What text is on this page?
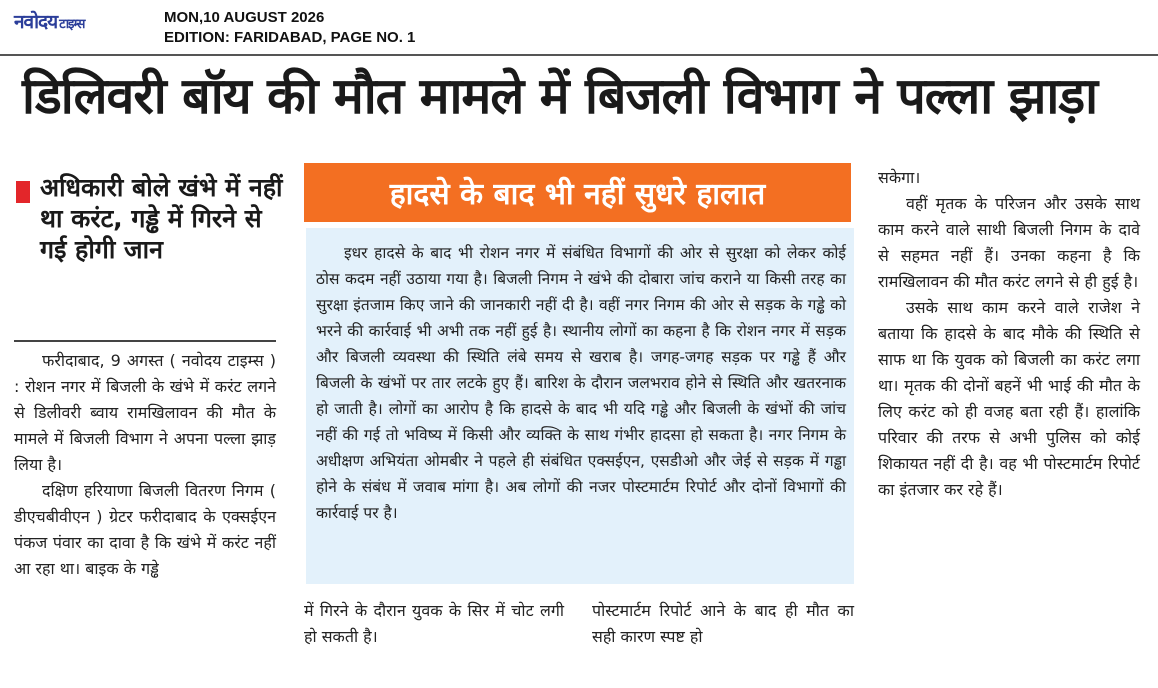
नवोदय टाइम्स	MON,10 AUGUST 2026
EDITION: FARIDABAD, PAGE NO. 1
डिलिवरी बॉय की मौत मामले में बिजली विभाग ने पल्ला झाड़ा
अधिकारी बोले खंभे में नहीं था करंट, गड्ढे में गिरने से गई होगी जान

फरीदाबाद, 9 अगस्त ( नवोदय टाइम्स ) : रोशन नगर में बिजली के खंभे में करंट लगने से डिलीवरी ब्वाय रामखिलावन की मौत के मामले में बिजली विभाग ने अपना पल्ला झाड़ लिया है।

दक्षिण हरियाणा बिजली वितरण निगम ( डीएचबीवीएन ) ग्रेटर फरीदाबाद के एक्सईएन पंकज पंवार का दावा है कि खंभे में करंट नहीं आ रहा था। बाइक के गड्ढे

हादसे के बाद भी नहीं सुधरे हालात

इधर हादसे के बाद भी रोशन नगर में संबंधित विभागों की ओर से सुरक्षा को लेकर कोई ठोस कदम नहीं उठाया गया है। बिजली निगम ने खंभे की दोबारा जांच कराने या किसी तरह का सुरक्षा इंतजाम किए जाने की जानकारी नहीं दी है। वहीं नगर निगम की ओर से सड़क के गड्ढे को भरने की कार्रवाई भी अभी तक नहीं हुई है। स्थानीय लोगों का कहना है कि रोशन नगर में सड़क और बिजली व्यवस्था की स्थिति लंबे समय से खराब है। जगह-जगह सड़क पर गड्ढे हैं और बिजली के खंभों पर तार लटके हुए हैं। बारिश के दौरान जलभराव होने से स्थिति और खतरनाक हो जाती है। लोगों का आरोप है कि हादसे के बाद भी यदि गड्ढे और बिजली के खंभों की जांच नहीं की गई तो भविष्य में किसी और व्यक्ति के साथ गंभीर हादसा हो सकता है। नगर निगम के अधीक्षण अभियंता ओमबीर ने पहले ही संबंधित एक्सईएन, एसडीओ और जेई से सड़क में गड्ढा होने के संबंध में जवाब मांगा है। अब लोगों की नजर पोस्टमार्टम रिपोर्ट और दोनों विभागों की कार्रवाई पर है।

में गिरने के दौरान युवक के सिर में चोट लगी हो सकती है।

पोस्टमार्टम रिपोर्ट आने के बाद ही मौत का सही कारण स्पष्ट हो

सकेगा।

वहीं मृतक के परिजन और उसके साथ काम करने वाले साथी बिजली निगम के दावे से सहमत नहीं हैं। उनका कहना है कि रामखिलावन की मौत करंट लगने से ही हुई है।

उसके साथ काम करने वाले राजेश ने बताया कि हादसे के बाद मौके की स्थिति से साफ था कि युवक को बिजली का करंट लगा था। मृतक की दोनों बहनें भी भाई की मौत के लिए करंट को ही वजह बता रही हैं। हालांकि परिवार की तरफ से अभी पुलिस को कोई शिकायत नहीं दी है। वह भी पोस्टमार्टम रिपोर्ट का इंतजार कर रहे हैं।
